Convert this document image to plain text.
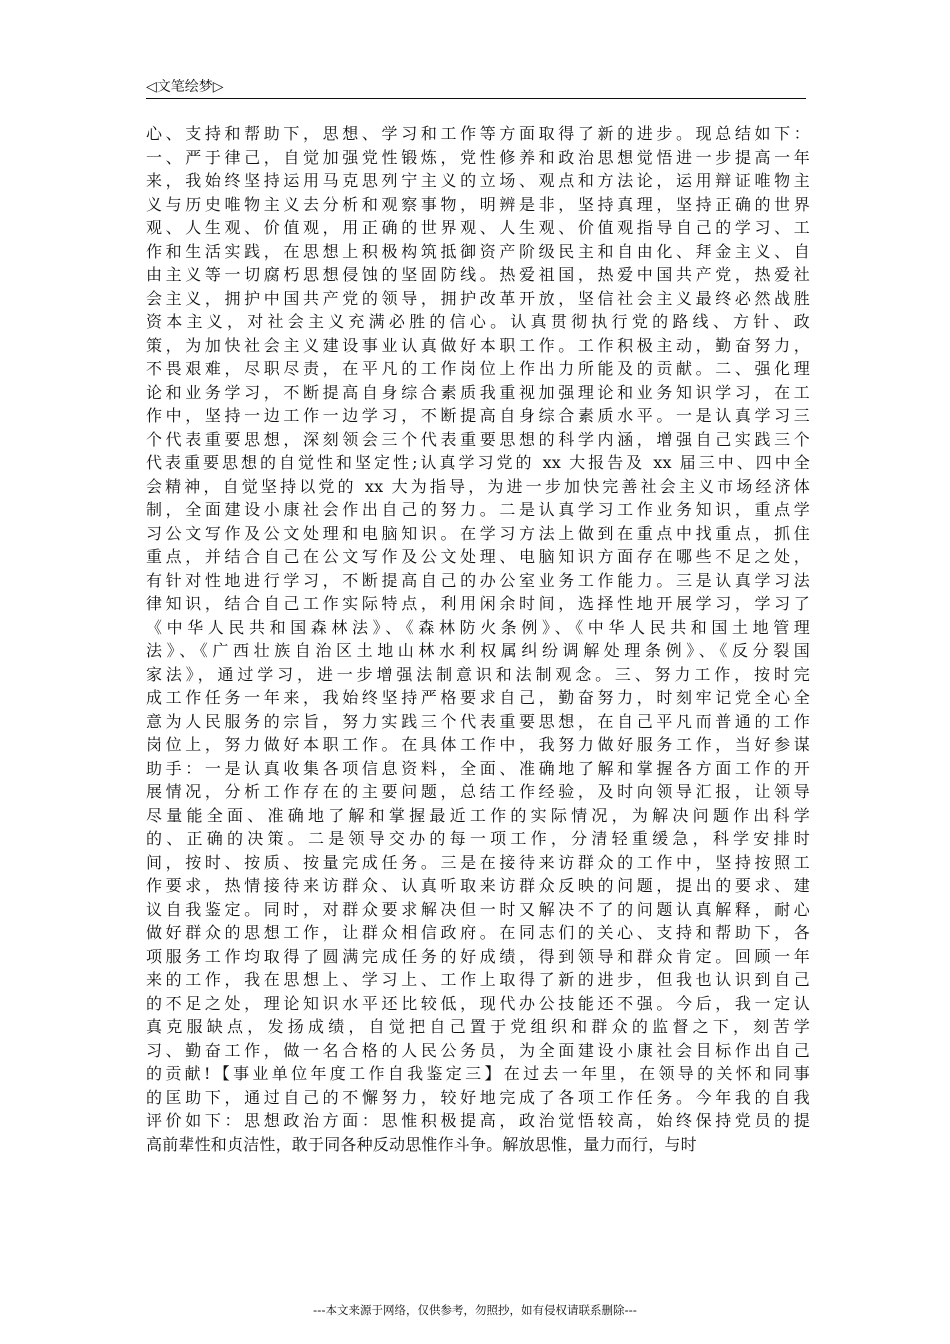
◁文笔绘梦▷
心、支持和帮助下，思想、学习和工作等方面取得了新的进步。现总结如下：
一、严于律己，自觉加强党性锻炼，党性修养和政治思想觉悟进一步提高一年
来，我始终坚持运用马克思列宁主义的立场、观点和方法论，运用辩证唯物主
义与历史唯物主义去分析和观察事物，明辨是非，坚持真理，坚持正确的世界
观、人生观、价值观，用正确的世界观、人生观、价值观指导自己的学习、工
作和生活实践，在思想上积极构筑抵御资产阶级民主和自由化、拜金主义、自
由主义等一切腐朽思想侵蚀的坚固防线。热爱祖国，热爱中国共产党，热爱社
会主义，拥护中国共产党的领导，拥护改革开放，坚信社会主义最终必然战胜
资本主义，对社会主义充满必胜的信心。认真贯彻执行党的路线、方针、政
策，为加快社会主义建设事业认真做好本职工作。工作积极主动，勤奋努力，
不畏艰难，尽职尽责，在平凡的工作岗位上作出力所能及的贡献。二、强化理
论和业务学习，不断提高自身综合素质我重视加强理论和业务知识学习，在工
作中，坚持一边工作一边学习，不断提高自身综合素质水平。一是认真学习三
个代表重要思想，深刻领会三个代表重要思想的科学内涵，增强自己实践三个
代表重要思想的自觉性和坚定性;认真学习党的 xx 大报告及 xx 届三中、四中全
会精神，自觉坚持以党的 xx 大为指导，为进一步加快完善社会主义市场经济体
制，全面建设小康社会作出自己的努力。二是认真学习工作业务知识，重点学
习公文写作及公文处理和电脑知识。在学习方法上做到在重点中找重点，抓住
重点，并结合自己在公文写作及公文处理、电脑知识方面存在哪些不足之处，
有针对性地进行学习，不断提高自己的办公室业务工作能力。三是认真学习法
律知识，结合自己工作实际特点，利用闲余时间，选择性地开展学习，学习了
《中华人民共和国森林法》、《森林防火条例》、《中华人民共和国土地管理
法》、《广西壮族自治区土地山林水利权属纠纷调解处理条例》、《反分裂国
家法》，通过学习，进一步增强法制意识和法制观念。三、努力工作，按时完
成工作任务一年来，我始终坚持严格要求自己，勤奋努力，时刻牢记党全心全
意为人民服务的宗旨，努力实践三个代表重要思想，在自己平凡而普通的工作
岗位上，努力做好本职工作。在具体工作中，我努力做好服务工作，当好参谋
助手：一是认真收集各项信息资料，全面、准确地了解和掌握各方面工作的开
展情况，分析工作存在的主要问题，总结工作经验，及时向领导汇报，让领导
尽量能全面、准确地了解和掌握最近工作的实际情况，为解决问题作出科学
的、正确的决策。二是领导交办的每一项工作，分清轻重缓急，科学安排时
间，按时、按质、按量完成任务。三是在接待来访群众的工作中，坚持按照工
作要求，热情接待来访群众、认真听取来访群众反映的问题，提出的要求、建
议自我鉴定。同时，对群众要求解决但一时又解决不了的问题认真解释，耐心
做好群众的思想工作，让群众相信政府。在同志们的关心、支持和帮助下，各
项服务工作均取得了圆满完成任务的好成绩，得到领导和群众肯定。回顾一年
来的工作，我在思想上、学习上、工作上取得了新的进步，但我也认识到自己
的不足之处，理论知识水平还比较低，现代办公技能还不强。今后，我一定认
真克服缺点，发扬成绩，自觉把自己置于党组织和群众的监督之下，刻苦学
习、勤奋工作，做一名合格的人民公务员，为全面建设小康社会目标作出自己
的贡献!【事业单位年度工作自我鉴定三】在过去一年里，在领导的关怀和同事
的匡助下，通过自己的不懈努力，较好地完成了各项工作任务。今年我的自我
评价如下：思想政治方面：思惟积极提高，政治觉悟较高，始终保持党员的提
高前辈性和贞洁性，敢于同各种反动思惟作斗争。解放思惟，量力而行，与时
---本文来源于网络，仅供参考，勿照抄，如有侵权请联系删除---
